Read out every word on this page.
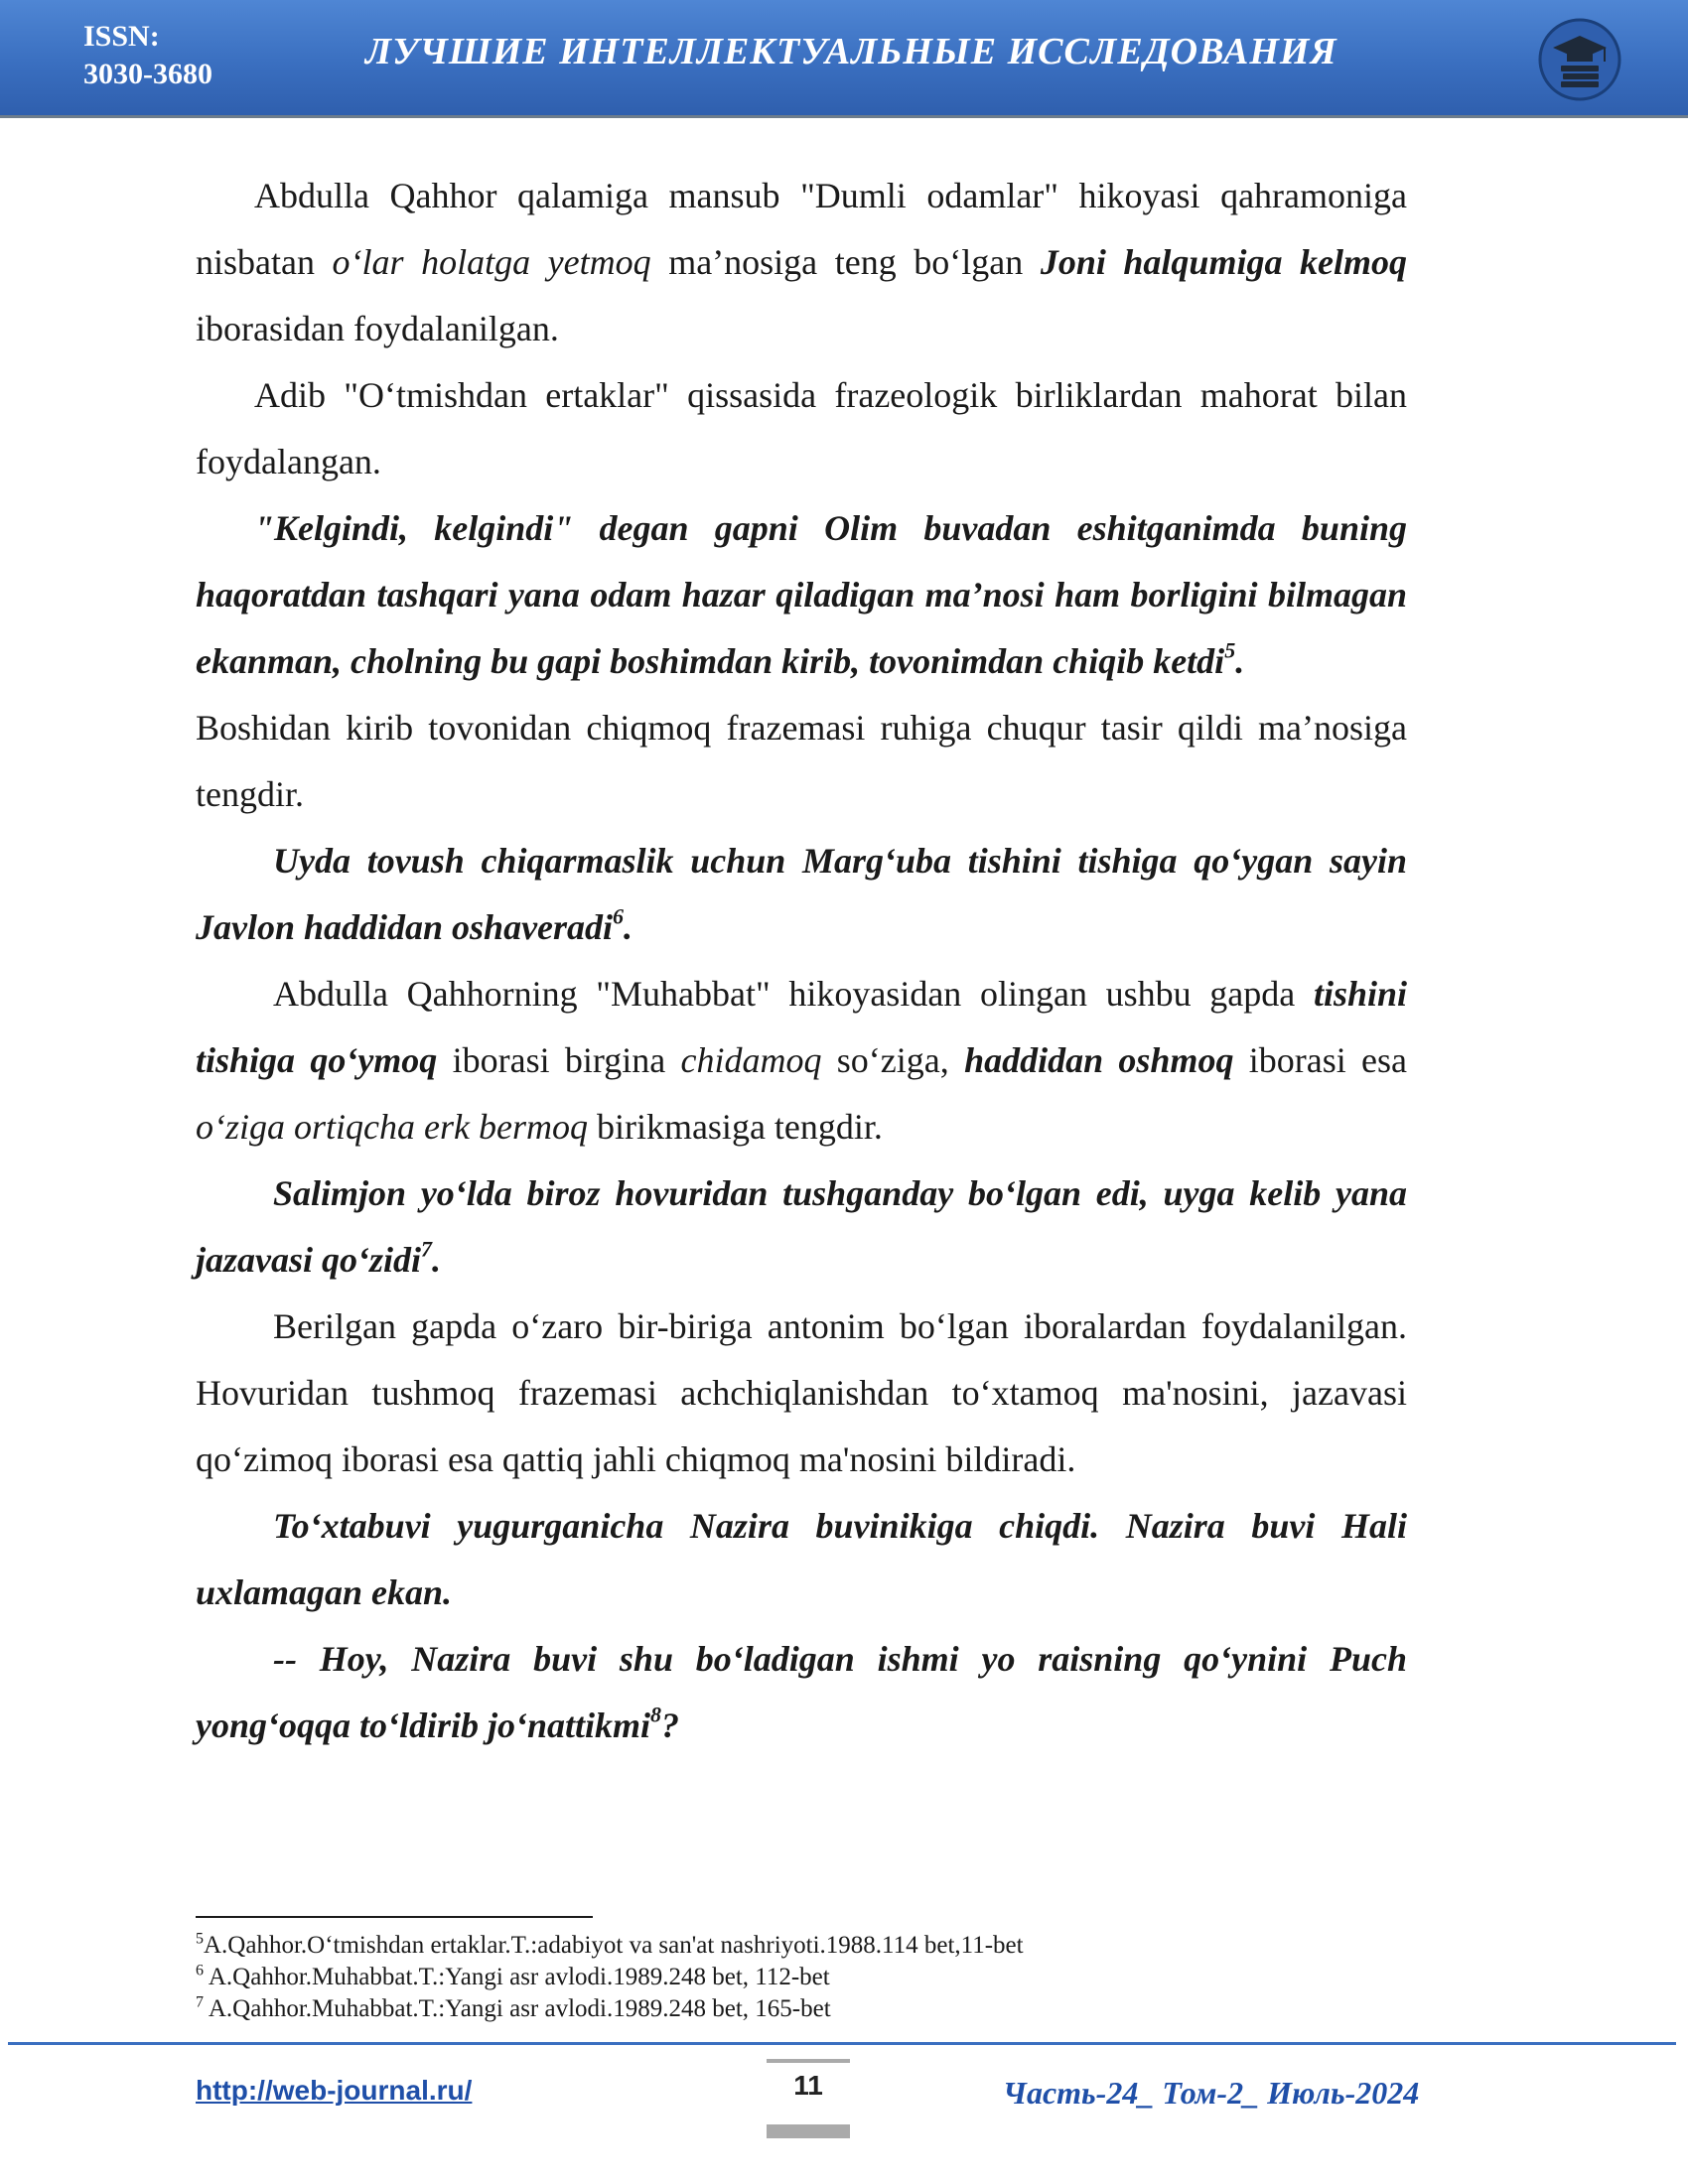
ISSN:
3030-3680
ЛУЧШИЕ ИНТЕЛЛЕКТУАЛЬНЫЕ ИССЛЕДОВАНИЯ

Abdulla Qahhor qalamiga mansub "Dumli odamlar" hikoyasi qahramoniga nisbatan o‘lar holatga yetmoq ma’nosiga teng bo‘lgan Joni halqumiga kelmoq iborasidan foydalanilgan.

Adib "O‘tmishdan ertaklar" qissasida frazeologik birliklardan mahorat bilan foydalangan.

"Kelgindi, kelgindi" degan gapni Olim buvadan eshitganimda buning haqoratdan tashqari yana odam hazar qiladigan ma’nosi ham borligini bilmagan ekanman, cholning bu gapi boshimdan kirib, tovonimdan chiqib ketdi$^5$.

Boshidan kirib tovonidan chiqmoq frazemasi ruhiga chuqur tasir qildi ma’nosiga tengdir.

Uyda tovush chiqarmaslik uchun Marg‘uba tishini tishiga qo‘ygan sayin Javlon haddidan oshaveradi$^6$.

Abdulla Qahhorning "Muhabbat" hikoyasidan olingan ushbu gapda tishini tishiga qo‘ymoq iborasi birgina chidamoq so‘ziga, haddidan oshmoq iborasi esa o‘ziga ortiqcha erk bermoq birikmasiga tengdir.

Salimjon yo‘lda biroz hovuridan tushganday bo‘lgan edi, uyga kelib yana jazavasi qo‘zidi$^7$.

Berilgan gapda o‘zaro bir-biriga antonim bo‘lgan iboralardan foydalanilgan. Hovuridan tushmoq frazemasi achchiqlanishdan to‘xtamoq ma'nosini, jazavasi qo‘zimoq iborasi esa qattiq jahli chiqmoq ma'nosini bildiradi.

To‘xtabuvi yugurganicha Nazira buvinikiga chiqdi. Nazira buvi Hali uxlamagan ekan.

-- Hoy, Nazira buvi shu bo‘ladigan ishmi yo raisning qo‘ynini Puch yong‘oqqa to‘ldirib jo‘nattikmi$^8$?

$^5$A.Qahhor.O‘tmishdan ertaklar.T.:adabiyot va san'at nashriyoti.1988.114 bet,11-bet
$^6$ A.Qahhor.Muhabbat.T.:Yangi asr avlodi.1989.248 bet, 112-bet
$^7$ A.Qahhor.Muhabbat.T.:Yangi asr avlodi.1989.248 bet, 165-bet
http://web-journal.ru/	11	Часть-24_ Том-2_ Июль-2024
